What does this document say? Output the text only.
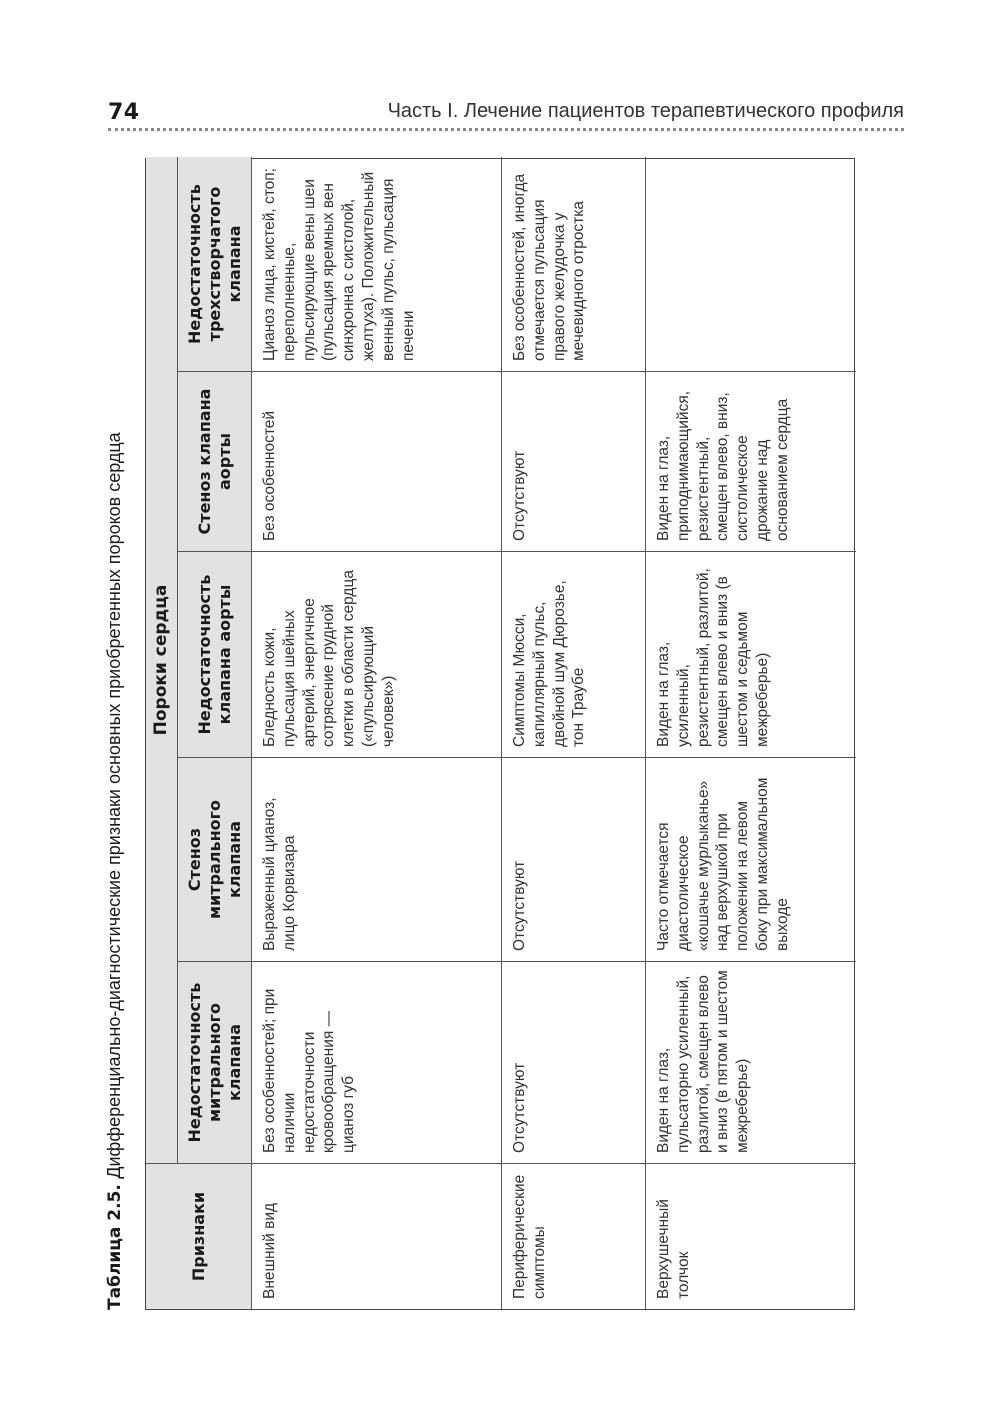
74	Часть I. Лечение пациентов терапевтического профиля
Таблица 2.5. Дифференциально-диагностические признаки основных приобретенных пороков сердца
Признаки
Пороки сердца
Недостаточность митрального клапана
Стеноз митрального клапана
Недостаточность клапана аорты
Стеноз клапана аорты
Недостаточность трехстворчатого клапана
Внешний вид
Без особенностей; при наличии недостаточности кровообращения — цианоз губ
Выраженный цианоз, лицо Корвизара
Бледность кожи, пульсация шейных артерий, энергичное сотрясение грудной клетки в области сердца («пульсирующий человек»)
Без особенностей
Цианоз лица, кистей, стоп; переполненные, пульсирующие вены шеи (пульсация яремных вен синхронна с систолой, желтуха). Положительный венный пульс, пульсация печени
Периферические симптомы
Отсутствуют
Отсутствуют
Симптомы Мюсси, капиллярный пульс, двойной шум Дюрозье, тон Траубе
Отсутствуют
Без особенностей, иногда отмечается пульсация правого желудочка у мечевидного отростка
Верхушечный толчок
Виден на глаз, пульсаторно усиленный, разлитой, смещен влево и вниз (в пятом и шестом межреберье)
Часто отмечается диастолическое «кошачье мурлыканье» над верхушкой при положении на левом боку при максимальном выходе
Виден на глаз, усиленный, резистентный, разлитой, смещен влево и вниз (в шестом и седьмом межреберье)
Виден на глаз, приподнимающийся, резистентный, смещен влево, вниз, систолическое дрожание над основанием сердца
